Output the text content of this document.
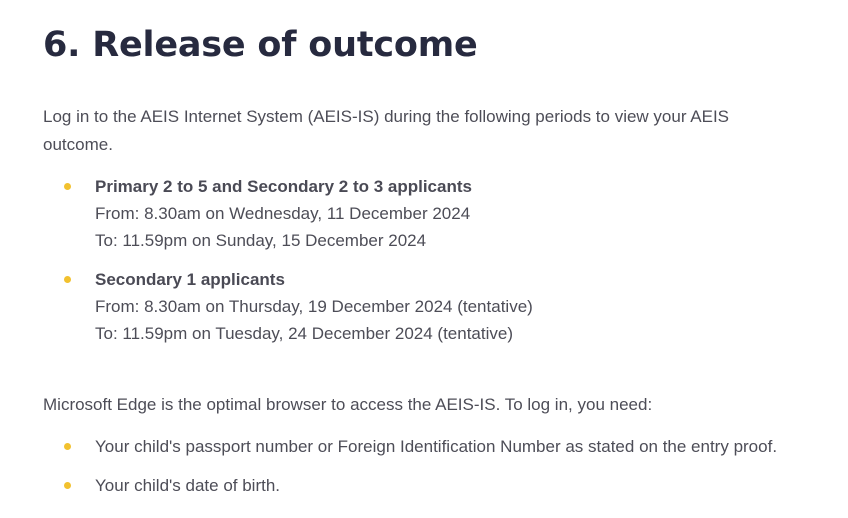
6. Release of outcome

Log in to the AEIS Internet System (AEIS-IS) during the following periods to view your AEIS outcome.

Primary 2 to 5 and Secondary 2 to 3 applicants
From: 8.30am on Wednesday, 11 December 2024
To: 11.59pm on Sunday, 15 December 2024
Secondary 1 applicants
From: 8.30am on Thursday, 19 December 2024 (tentative)
To: 11.59pm on Tuesday, 24 December 2024 (tentative)

Microsoft Edge is the optimal browser to access the AEIS-IS. To log in, you need:

Your child's passport number or Foreign Identification Number as stated on the entry proof.
Your child's date of birth.
